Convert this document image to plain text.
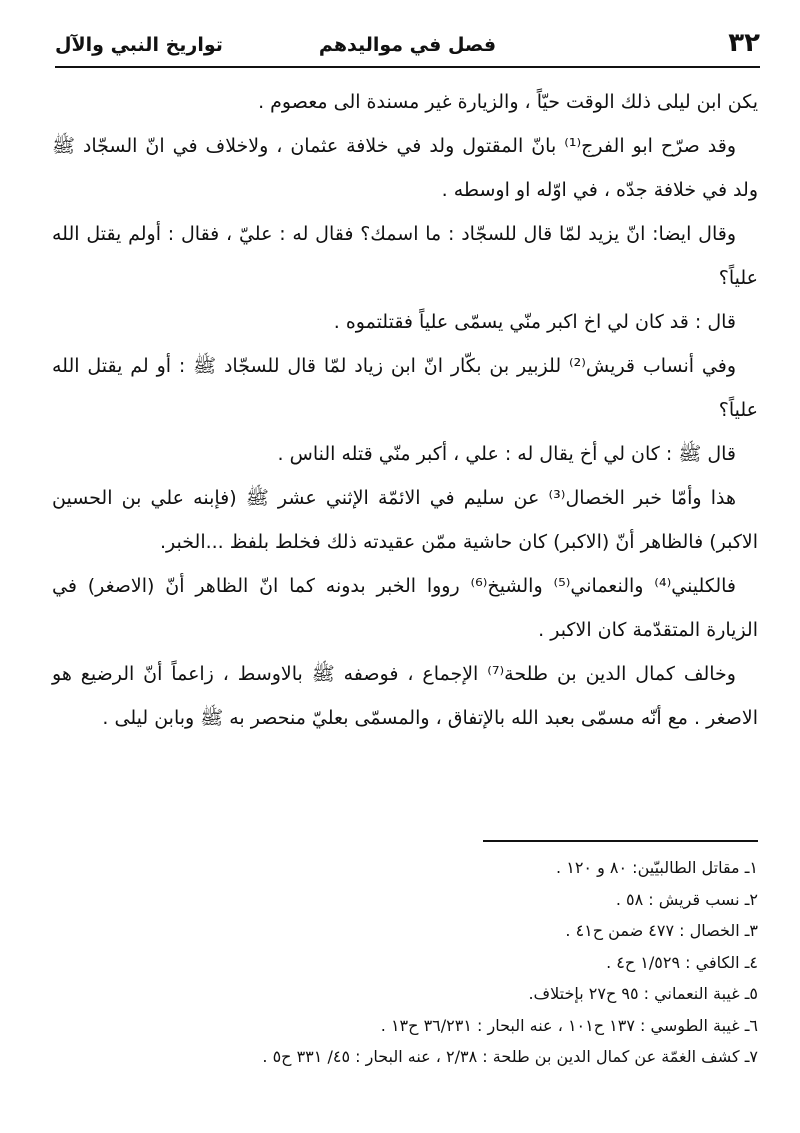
٣٢
فصل في مواليدهم
تواريخ النبي والآل

يكن ابن ليلى ذلك الوقت حيّاً ، والزيارة غير مسندة الى معصوم .

وقد صرّح ابو الفرج⁽¹⁾ بانّ المقتول ولد في خلافة عثمان ، ولاخلاف في انّ السجّاد ﷺ ولد في خلافة جدّه ، في اوّله او اوسطه .

وقال ايضا: انّ يزيد لمّا قال للسجّاد : ما اسمك؟ فقال له : عليّ ، فقال : أولم يقتل الله علياً؟

قال : قد كان لي اخ اكبر منّي يسمّى علياً فقتلتموه .

وفي أنساب قريش⁽²⁾ للزبير بن بكّار انّ ابن زياد لمّا قال للسجّاد ﷺ : أو لم يقتل الله علياً؟

قال ﷺ : كان لي أخ يقال له : علي ، أكبر منّي قتله الناس .

هذا وأمّا خبر الخصال⁽³⁾ عن سليم في الائمّة الإثني عشر ﷺ (فإبنه علي بن الحسين الاكبر) فالظاهر أنّ (الاكبر) كان حاشية ممّن عقيدته ذلك فخلط بلفظ ...الخبر.

فالكليني⁽⁴⁾ والنعماني⁽⁵⁾ والشيخ⁽⁶⁾ رووا الخبر بدونه كما انّ الظاهر أنّ (الاصغر) في الزيارة المتقدّمة كان الاكبر .

وخالف كمال الدين بن طلحة⁽⁷⁾ الإجماع ، فوصفه ﷺ بالاوسط ، زاعماً أنّ الرضيع هو الاصغر . مع أنّه مسمّى بعبد الله بالإتفاق ، والمسمّى بعليّ منحصر به ﷺ وبابن ليلى .

١ـ مقاتل الطالبيّين: ٨٠ و ١٢٠ .

٢ـ نسب قريش : ٥٨ .

٣ـ الخصال : ٤٧٧ ضمن ح٤١ .

٤ـ الكافي : ١/٥٢٩ ح٤ .

٥ـ غيبة النعماني : ٩٥ ح٢٧ بإختلاف.

٦ـ غيبة الطوسي : ١٣٧ ح١٠١ ، عنه البحار : ٣٦/٢٣١ ح١٣ .

٧ـ كشف الغمّة عن كمال الدين بن طلحة : ٢/٣٨ ، عنه البحار : ٤٥/ ٣٣١ ح٥ .
